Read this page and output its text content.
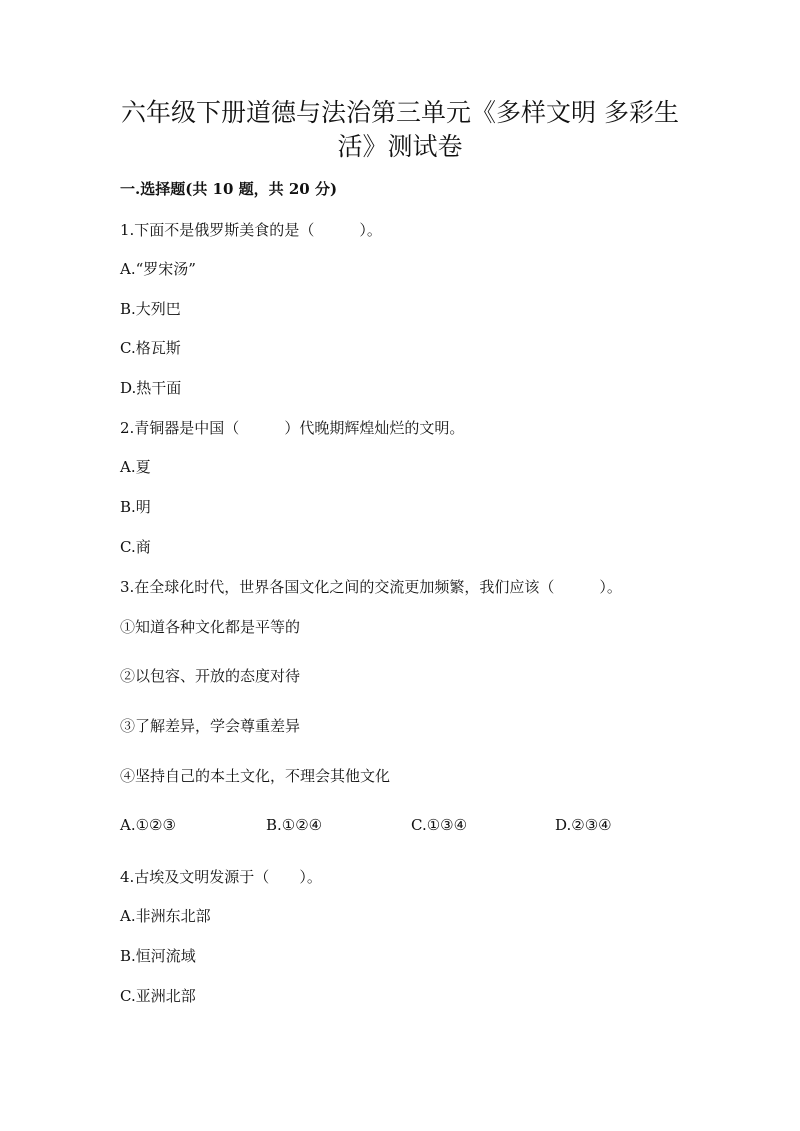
六年级下册道德与法治第三单元《多样文明 多彩生
活》测试卷
一.选择题(共 10 题，共 20 分)
1.下面不是俄罗斯美食的是（　　　）。
A.“罗宋汤”
B.大列巴
C.格瓦斯
D.热干面
2.青铜器是中国（　　　）代晚期辉煌灿烂的文明。
A.夏
B.明
C.商
3.在全球化时代，世界各国文化之间的交流更加频繁，我们应该（　　　）。
①知道各种文化都是平等的
②以包容、开放的态度对待
③了解差异，学会尊重差异
④坚持自己的本土文化，不理会其他文化
A.①②③	B.①②④	C.①③④	D.②③④
4.古埃及文明发源于（　　）。
A.非洲东北部
B.恒河流域
C.亚洲北部
